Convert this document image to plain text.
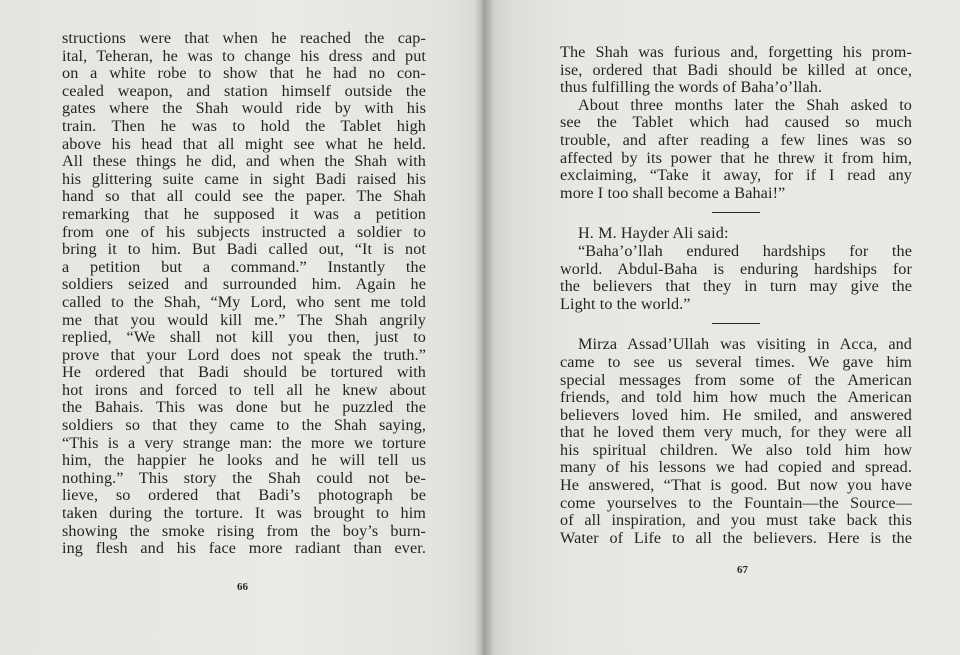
structions were that when he reached the cap-
ital, Teheran, he was to change his dress and put
on a white robe to show that he had no con-
cealed weapon, and station himself outside the
gates where the Shah would ride by with his
train. Then he was to hold the Tablet high
above his head that all might see what he held.
All these things he did, and when the Shah with
his glittering suite came in sight Badi raised his
hand so that all could see the paper. The Shah
remarking that he supposed it was a petition
from one of his subjects instructed a soldier to
bring it to him. But Badi called out, “It is not
a petition but a command.” Instantly the
soldiers seized and surrounded him. Again he
called to the Shah, “My Lord, who sent me told
me that you would kill me.” The Shah angrily
replied, “We shall not kill you then, just to
prove that your Lord does not speak the truth.”
He ordered that Badi should be tortured with
hot irons and forced to tell all he knew about
the Bahais. This was done but he puzzled the
soldiers so that they came to the Shah saying,
“This is a very strange man: the more we torture
him, the happier he looks and he will tell us
nothing.” This story the Shah could not be-
lieve, so ordered that Badi’s photograph be
taken during the torture. It was brought to him
showing the smoke rising from the boy’s burn-
ing flesh and his face more radiant than ever.
66
67
The Shah was furious and, forgetting his prom-
ise, ordered that Badi should be killed at once,
thus fulfilling the words of Baha’o’llah.
About three months later the Shah asked to
see the Tablet which had caused so much
trouble, and after reading a few lines was so
affected by its power that he threw it from him,
exclaiming, “Take it away, for if I read any
more I too shall become a Bahai!”
H. M. Hayder Ali said:
“Baha’o’llah endured hardships for the
world. Abdul-Baha is enduring hardships for
the believers that they in turn may give the
Light to the world.”
Mirza Assad’Ullah was visiting in Acca, and
came to see us several times. We gave him
special messages from some of the American
friends, and told him how much the American
believers loved him. He smiled, and answered
that he loved them very much, for they were all
his spiritual children. We also told him how
many of his lessons we had copied and spread.
He answered, “That is good. But now you have
come yourselves to the Fountain—the Source—
of all inspiration, and you must take back this
Water of Life to all the believers. Here is the
